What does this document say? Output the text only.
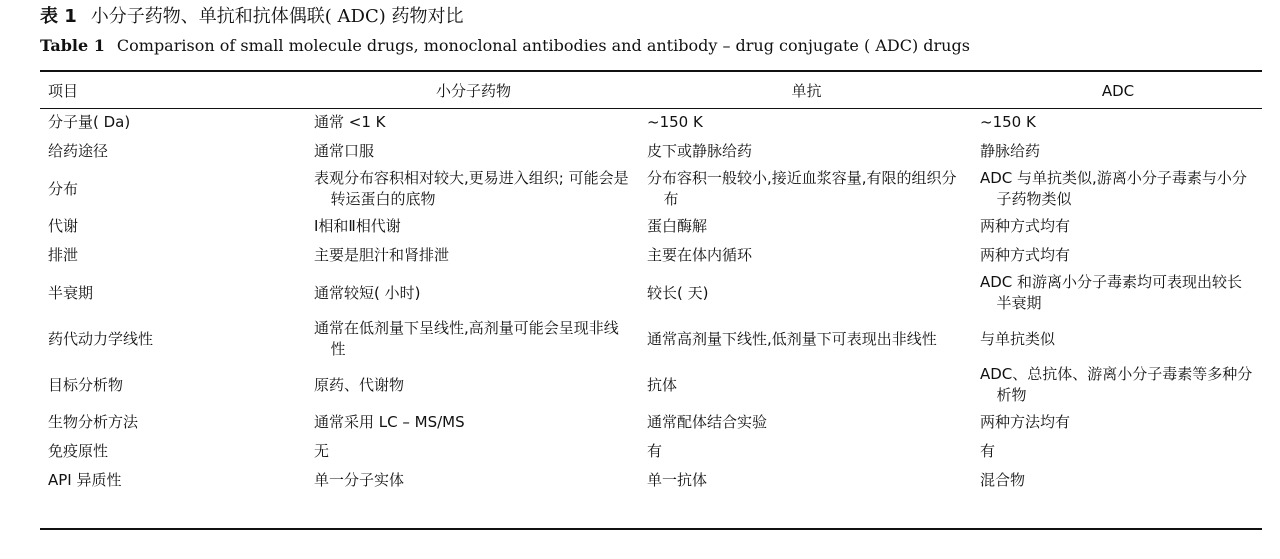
表 1 小分子药物、单抗和抗体偶联( ADC) 药物对比
Table 1 Comparison of small molecule drugs, monoclonal antibodies and antibody – drug conjugate ( ADC) drugs
项目	小分子药物	单抗	ADC
分子量( Da)	通常 <1 K	~150 K	~150 K
给药途径	通常口服	皮下或静脉给药	静脉给药
分布	表观分布容积相对较大,更易进入组织; 可能会是转运蛋白的底物	分布容积一般较小,接近血浆容量,有限的组织分布	ADC 与单抗类似,游离小分子毒素与小分子药物类似

代谢	Ⅰ相和Ⅱ相代谢	蛋白酶解	两种方式均有
排泄	主要是胆汁和肾排泄	主要在体内循环	两种方式均有
半衰期	通常较短( 小时)	较长( 天)	ADC 和游离小分子毒素均可表现出较长半衰期

药代动力学线性	通常在低剂量下呈线性,高剂量可能会呈现非线性	通常高剂量下线性,低剂量下可表现出非线性	与单抗类似
目标分析物	原药、代谢物	抗体	ADC、总抗体、游离小分子毒素等多种分析物

生物分析方法	通常采用 LC – MS/MS	通常配体结合实验	两种方法均有
免疫原性	无	有	有
API 异质性	单一分子实体	单一抗体	混合物
